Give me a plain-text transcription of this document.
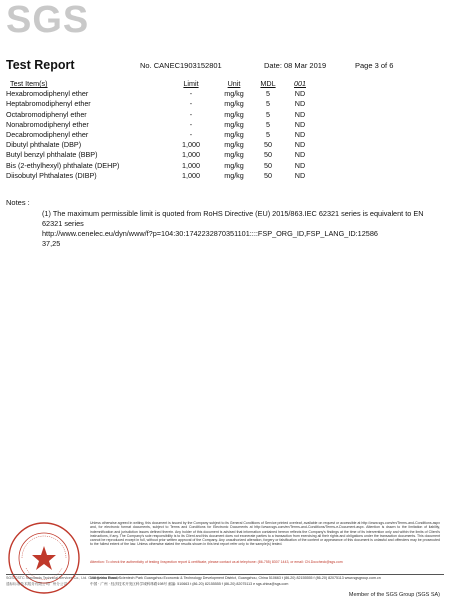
SGS
Test Report	No. CANEC1903152801	Date: 08 Mar 2019	Page 3 of 6
Test Item(s)	Limit	Unit	MDL	001
Hexabromodiphenyl ether	-	mg/kg	5	ND
Heptabromodiphenyl ether	-	mg/kg	5	ND
Octabromodiphenyl ether	-	mg/kg	5	ND
Nonabromodiphenyl ether	-	mg/kg	5	ND
Decabromodiphenyl ether	-	mg/kg	5	ND
Dibutyl phthalate (DBP)	1,000	mg/kg	50	ND
Butyl benzyl phthalate (BBP)	1,000	mg/kg	50	ND
Bis (2-ethylhexyl) phthalate (DEHP)	1,000	mg/kg	50	ND
Diisobutyl Phthalates (DIBP)	1,000	mg/kg	50	ND
Notes :

(1) The maximum permissible limit is quoted from RoHS Directive (EU) 2015/863.IEC 62321 series is equivalent to EN 62321 series

http://www.cenelec.eu/dyn/www/f?p=104:30:1742232870351101::::FSP_ORG_ID,FSP_LANG_ID:12586

37,25

Unless otherwise agreed in writing, this document is issued by the Company subject to its General Conditions of Service printed overleaf, available on request or accessible at http://www.sgs.com/en/Terms-and-Conditions.aspx and, for electronic format documents, subject to Terms and Conditions for Electronic Documents at http://www.sgs.com/en/Terms-and-Conditions/Terms-e-Document.aspx. Attention is drawn to the limitation of liability, indemnification and jurisdiction issues defined therein. Any holder of this document is advised that information contained hereon reflects the Company's findings at the time of its intervention only and within the limits of Client's instructions, if any. The Company's sole responsibility is to its Client and this document does not exonerate parties to a transaction from exercising all their rights and obligations under the transaction documents. This document cannot be reproduced except in full, without prior written approval of the Company. Any unauthorized alteration, forgery or falsification of the content or appearance of this document is unlawful and offenders may be prosecuted to the fullest extent of the law. Unless otherwise stated the results shown in this test report refer only to the sample(s) tested.
Attention: To check the authenticity of testing /inspection report & certificate, please contact us at telephone: (86-755) 8307 1443, or email: CN.Doccheck@sgs.com
SGS-CSTC Standards Technical Services Co., Ltd. Guangzhou Branch
通标标准技术服务有限公司广州分公司
198 Kezhu Road, Scientech Park Guangzhou Economic & Technology Development District, Guangzhou, China 510663 t (86-20) 82155555 f (86-20) 82075113 www.sgsgroup.com.cn
中国 · 广州 · 经济技术开发区科学城科珠路198号 邮编: 510663 t (86-20) 82155555 f (86-20) 82075113 e sgs.china@sgs.com
Member of the SGS Group (SGS SA)
